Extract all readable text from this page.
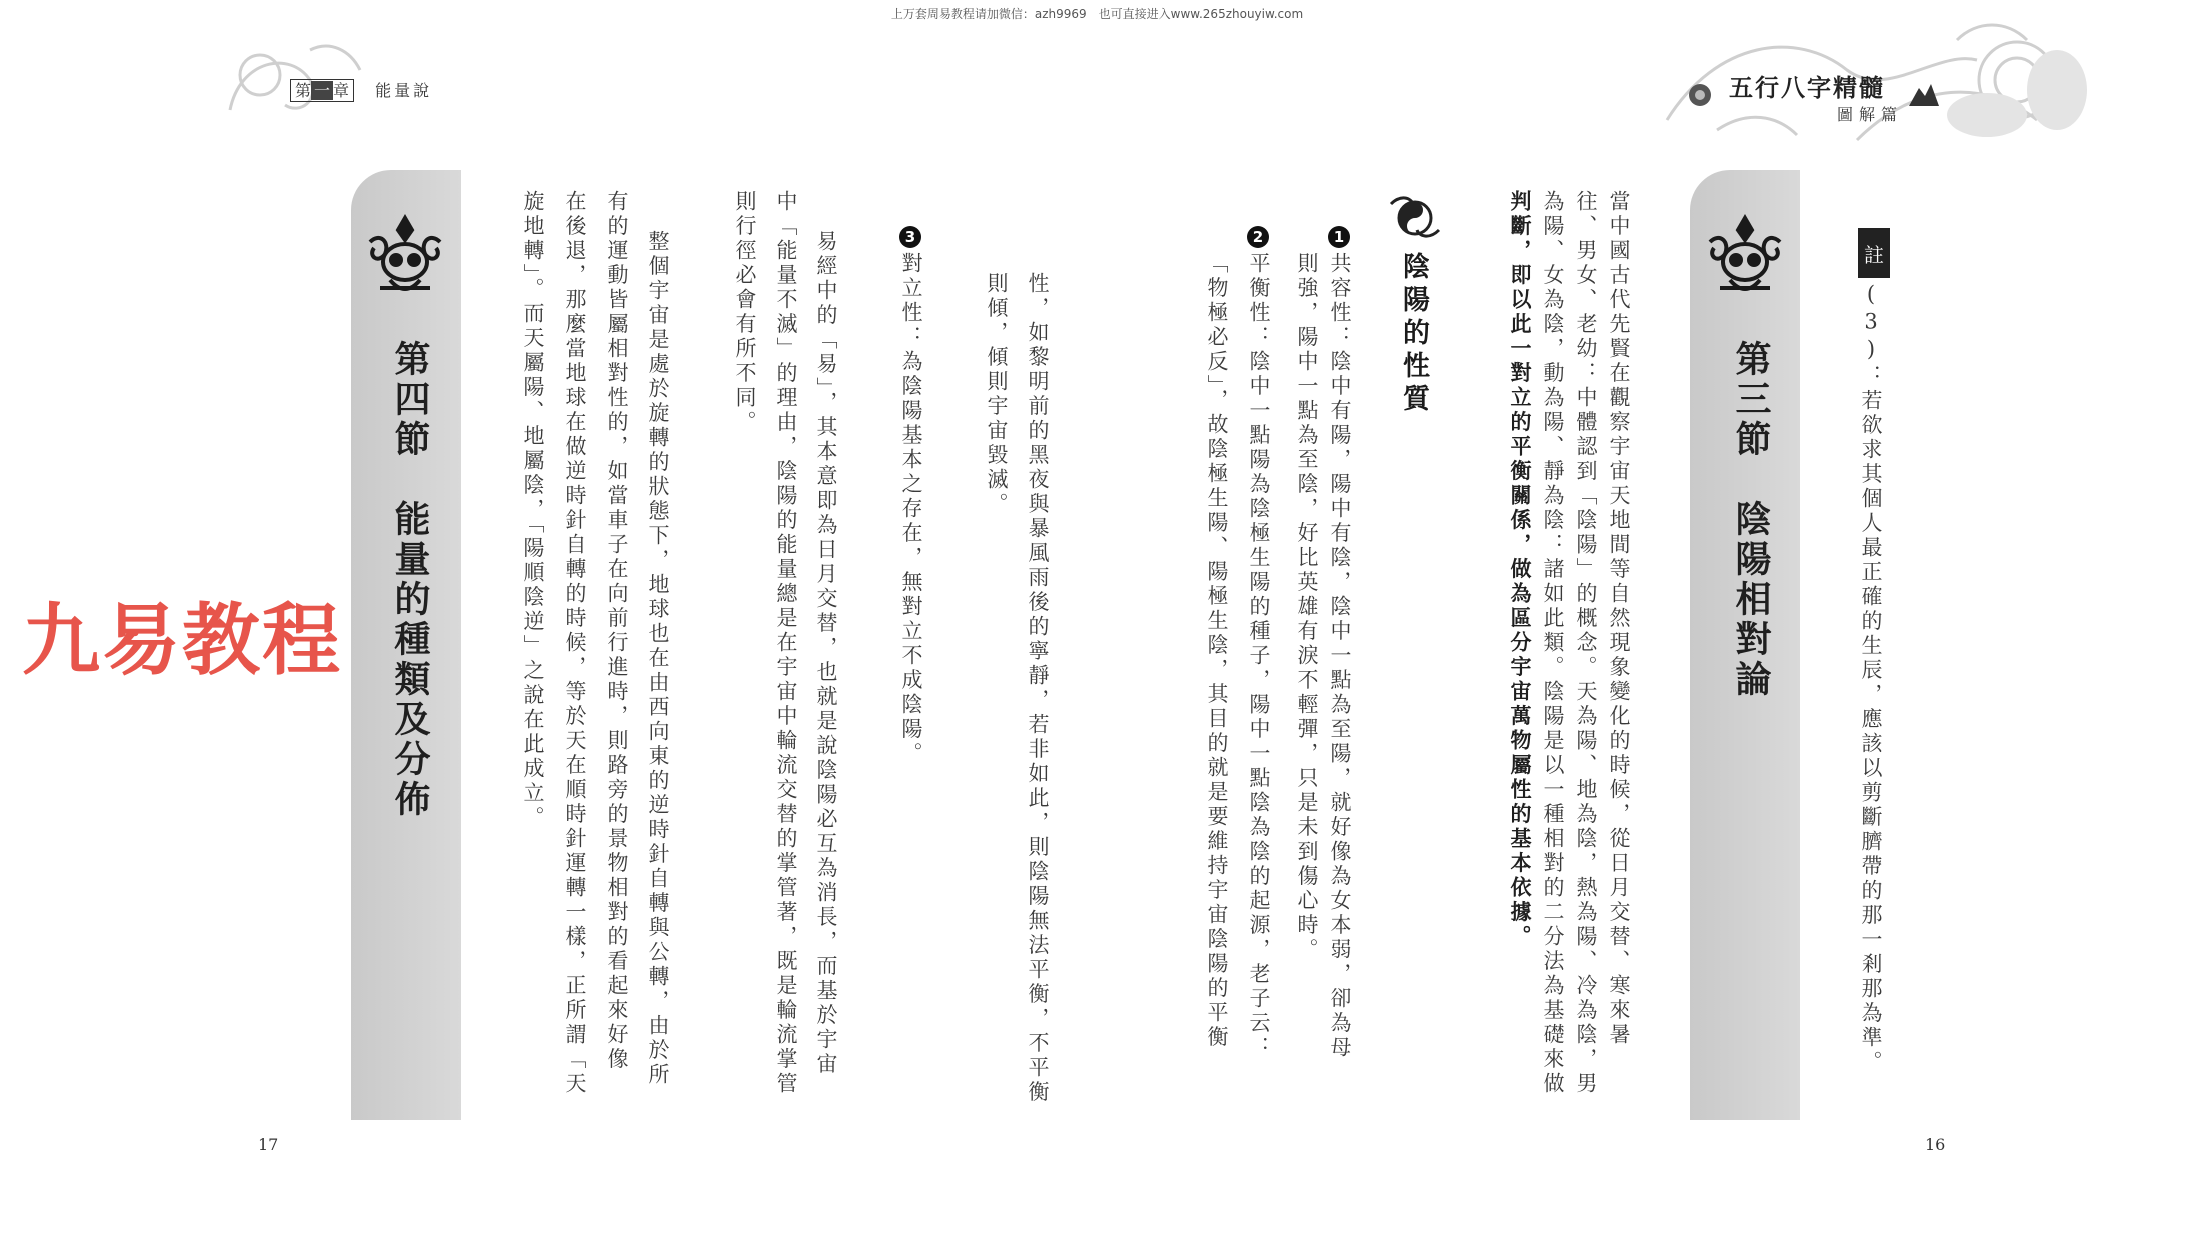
上万套周易教程请加微信：azh9969　也可直接进入www.265zhouyiw.com
五行八字精髓
圖解篇
註
(3)：若欲求其個人最正確的生辰，應該以剪斷臍帶的那一剎那為準。
第三節　陰陽相對論
當中國古代先賢在觀察宇宙天地間等自然現象變化的時候，從日月交替、寒來暑
往、男女、老幼：中體認到「陰陽」的概念。天為陽、地為陰，熱為陽、冷為陰，男
為陽、女為陰，動為陽、靜為陰：諸如此類。陰陽是以一種相對的二分法為基礎來做
判斷，即以此一對立的平衡關係，做為區分宇宙萬物屬性的基本依據。
陰陽的性質
1
共容性：陰中有陽，陽中有陰，陰中一點為至陽，就好像為女本弱，卻為母
則強，陽中一點為至陰，好比英雄有淚不輕彈，只是未到傷心時。
2
平衡性：陰中一點陽為陰極生陽的種子，陽中一點陰為陰的起源，老子云：
「物極必反」，故陰極生陽、陽極生陰，其目的就是要維持宇宙陰陽的平衡
16
第 一 章 能量說
性，如黎明前的黑夜與暴風雨後的寧靜，若非如此，則陰陽無法平衡，不平衡
則傾，傾則宇宙毀滅。
3
對立性：為陰陽基本之存在，無對立不成陰陽。
易經中的「易」，其本意即為日月交替，也就是說陰陽必互為消長，而基於宇宙
中「能量不滅」的理由，陰陽的能量總是在宇宙中輪流交替的掌管著，既是輪流掌管
則行徑必會有所不同。
整個宇宙是處於旋轉的狀態下，地球也在由西向東的逆時針自轉與公轉，由於所
有的運動皆屬相對性的，如當車子在向前行進時，則路旁的景物相對的看起來好像
在後退，那麼當地球在做逆時針自轉的時候，等於天在順時針運轉一樣，正所謂「天
旋地轉」。而天屬陽、地屬陰，「陽順陰逆」之說在此成立。
第四節　能量的種類及分佈
17
九易教程
